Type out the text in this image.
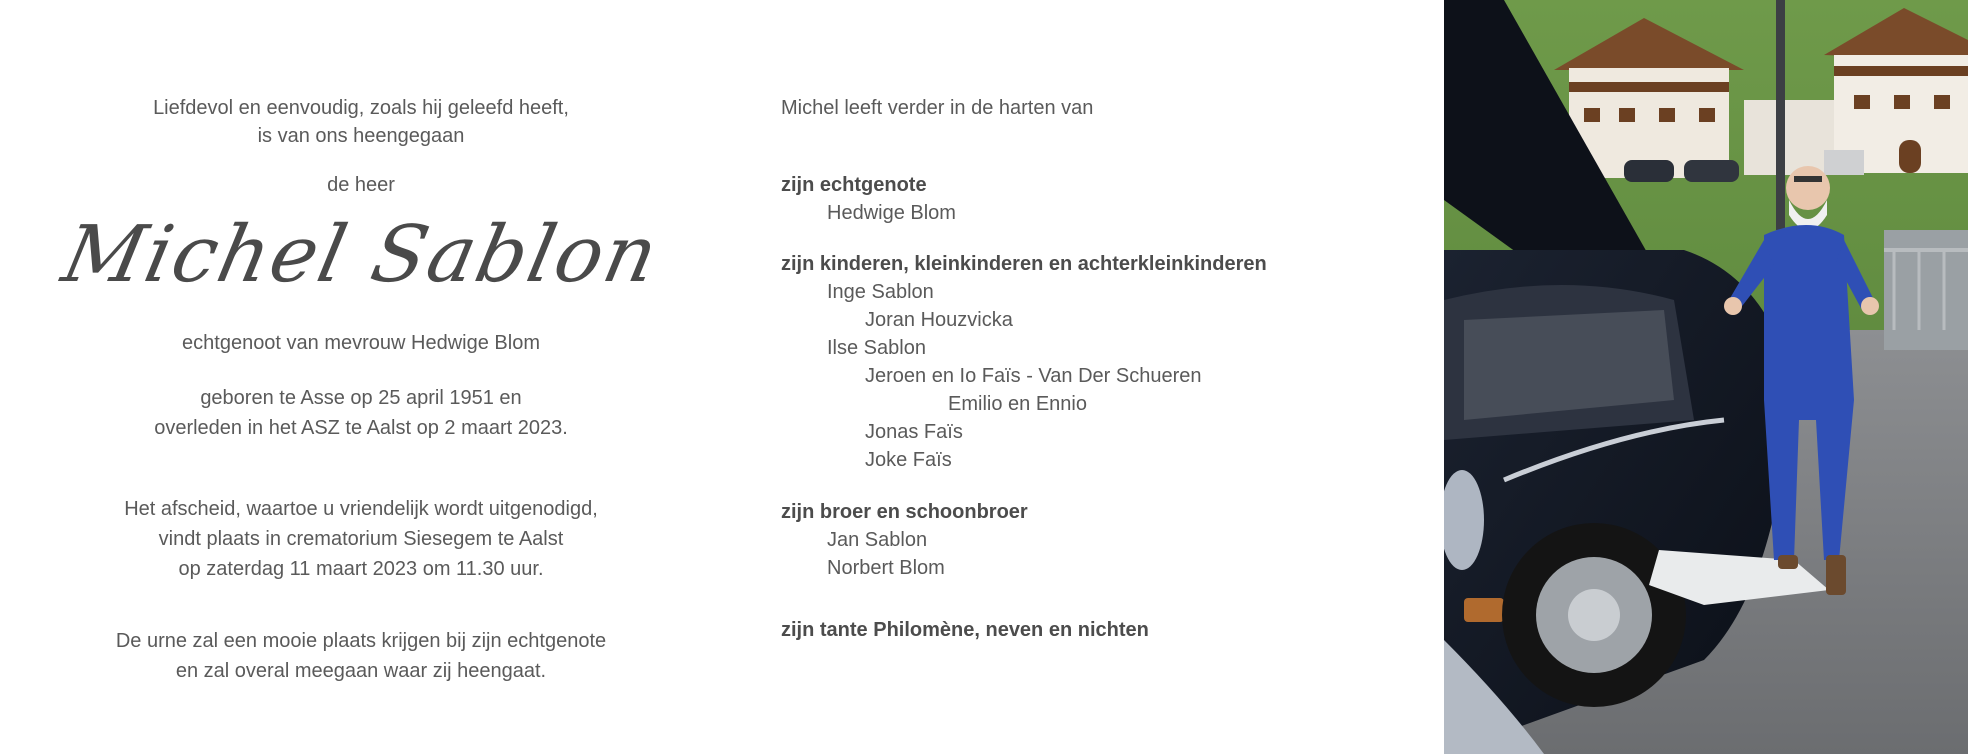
Liefdevol en eenvoudig, zoals hij geleefd heeft,
is van ons heengegaan
de heer
Michel Sablon
echtgenoot van mevrouw Hedwige Blom
geboren te Asse op 25 april 1951 en
overleden in het ASZ te Aalst op 2 maart 2023.
Het afscheid, waartoe u vriendelijk wordt uitgenodigd,
vindt plaats in crematorium Siesegem te Aalst
op zaterdag 11 maart 2023 om 11.30 uur.
De urne zal een mooie plaats krijgen bij zijn echtgenote
en zal overal meegaan waar zij heengaat.
Michel leeft verder in de harten van
zijn echtgenote
Hedwige Blom
zijn kinderen, kleinkinderen en achterkleinkinderen
Inge Sablon
Joran Houzvicka
Ilse Sablon
Jeroen en Io Faïs - Van Der Schueren
Emilio en Ennio
Jonas Faïs
Joke Faïs
zijn broer en schoonbroer
Jan Sablon
Norbert Blom
zijn tante Philomène, neven en nichten
